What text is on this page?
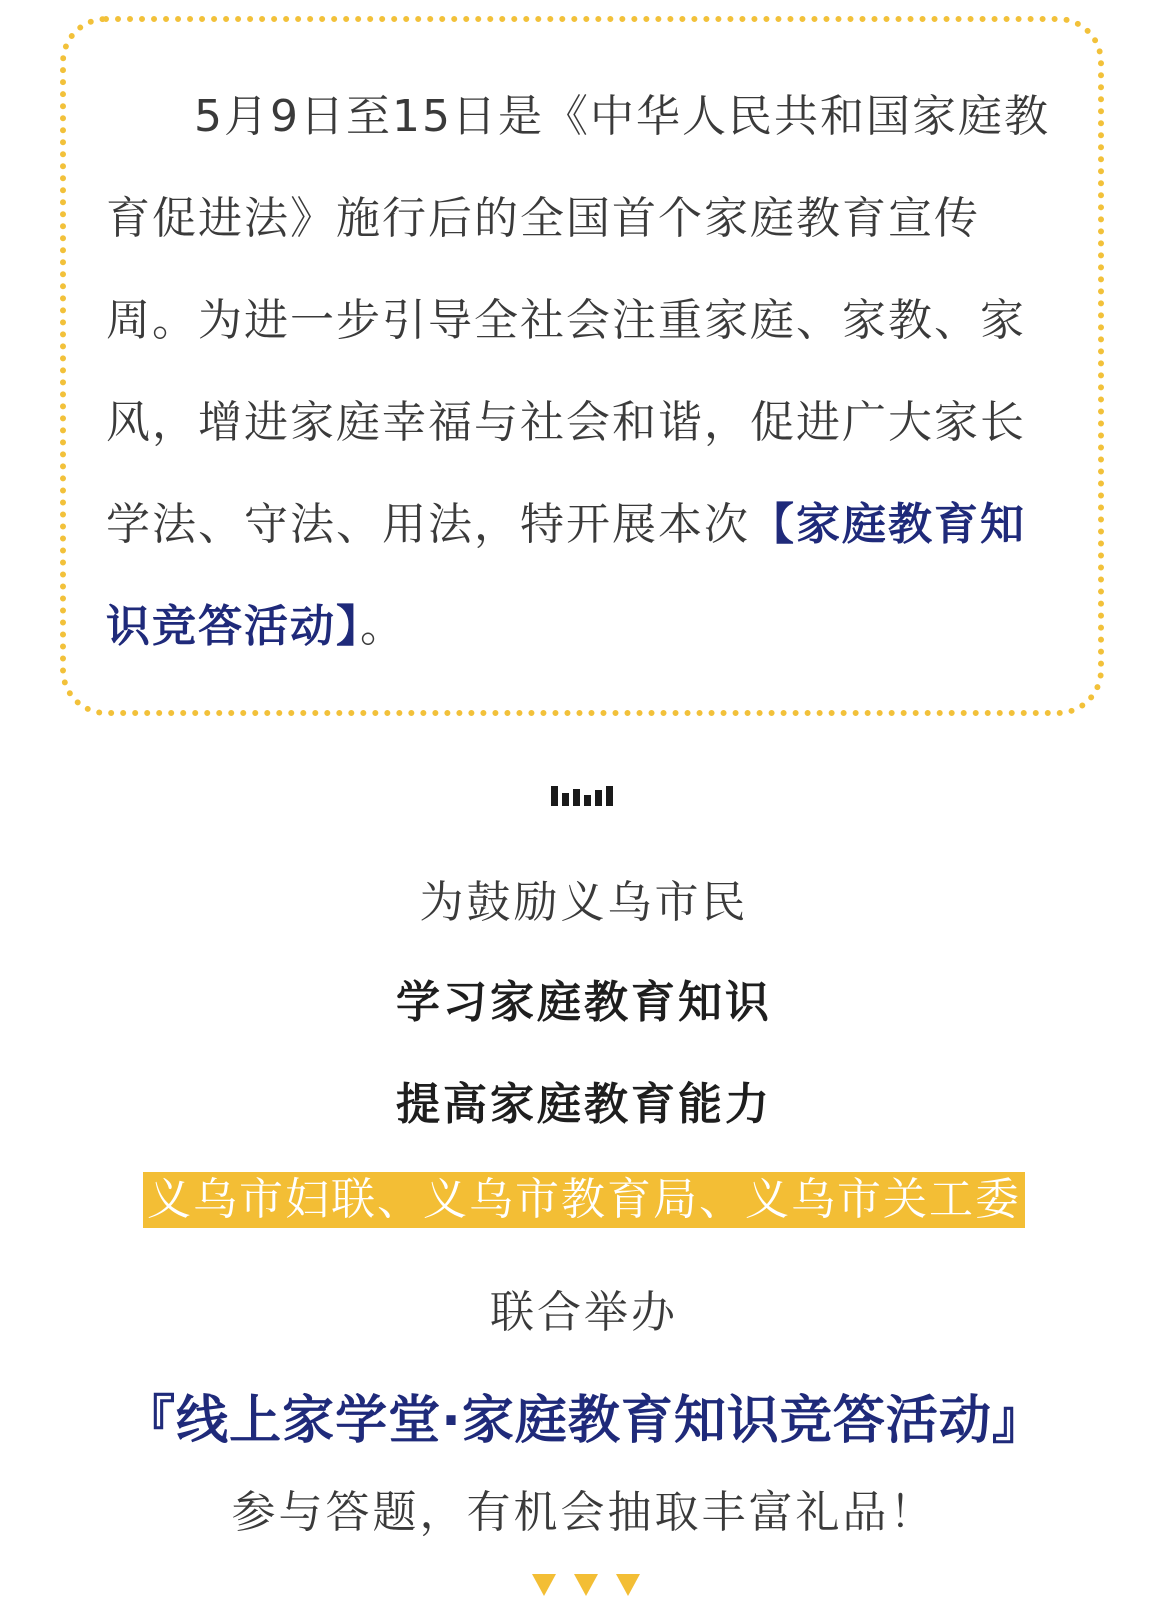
5月9日至15日是《中华人民共和国家庭教育促进法》施行后的全国首个家庭教育宣传周。为进一步引导全社会注重家庭、家教、家风，增进家庭幸福与社会和谐，促进广大家长学法、守法、用法，特开展本次【家庭教育知识竞答活动】。

为鼓励义乌市民

学习家庭教育知识

提高家庭教育能力

义乌市妇联、义乌市教育局、义乌市关工委

联合举办

『线上家学堂·家庭教育知识竞答活动』

参与答题，有机会抽取丰富礼品！
